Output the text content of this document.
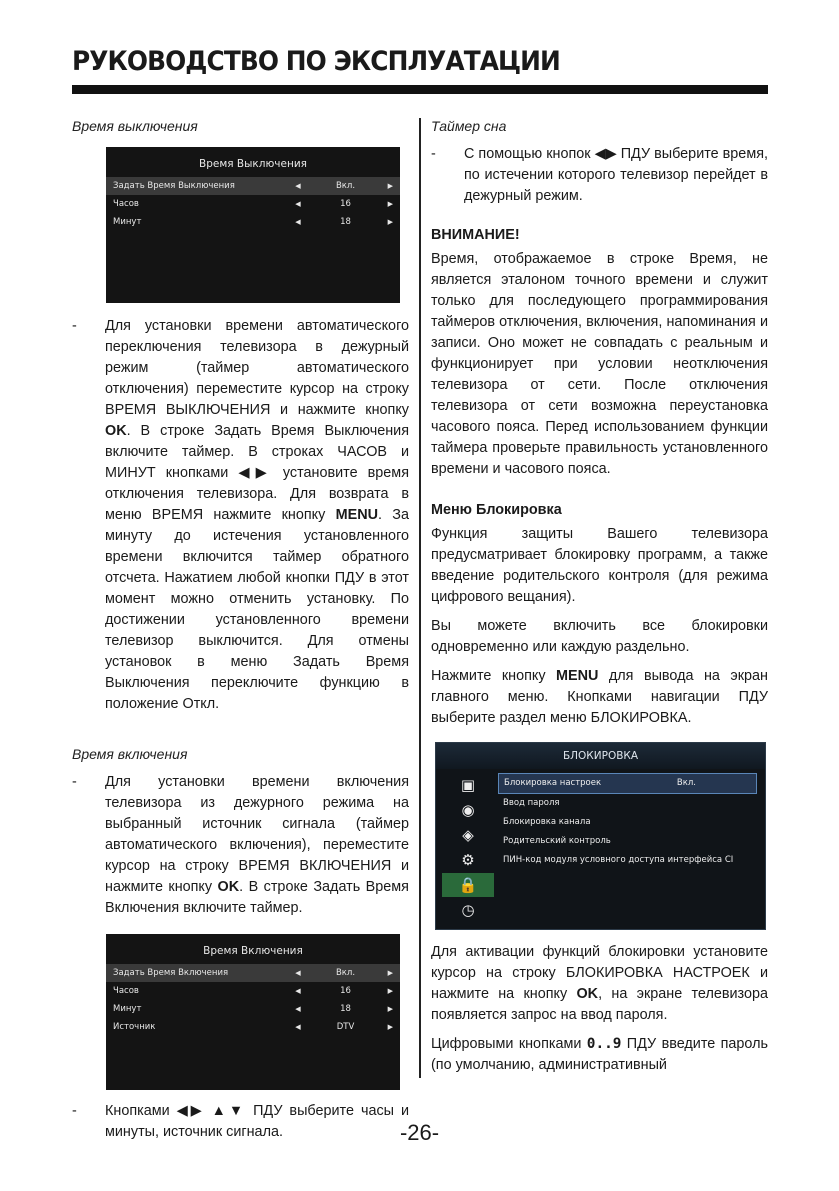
РУКОВОДСТВО ПО ЭКСПЛУАТАЦИИ
Время выключения
Время Выключения
Задать Время Выключения	◀	Вкл.	▶
Часов	◀	16	▶
Минут	◀	18	▶
-	Для установки времени автоматического переключения телевизора в дежурный режим (таймер автоматического отключения) переместите курсор на строку ВРЕМЯ ВЫКЛЮЧЕНИЯ и нажмите кнопку OK. В строке Задать Время Выключения включите таймер. В строках ЧАСОВ и МИНУТ кнопками ◀▶ установите время отключения телевизора. Для возврата в меню ВРЕМЯ нажмите кнопку MENU. За минуту до истечения установленного времени включится таймер обратного отсчета. Нажатием любой кнопки ПДУ в этот момент можно отменить установку. По достижении установленного времени телевизор выключится. Для отмены установок в меню Задать Время Выключения переключите функцию в положение Откл.
Время включения
-	Для установки времени включения телевизора из дежурного режима на выбранный источник сигнала (таймер автоматического включения), переместите курсор на строку ВРЕМЯ ВКЛЮЧЕНИЯ и нажмите кнопку OK. В строке Задать Время Включения включите таймер.
Время Включения
Задать Время Включения	◀	Вкл.	▶
Часов	◀	16	▶
Минут	◀	18	▶
Источник	◀	DTV	▶
-	Кнопками ◀▶ ▲▼ ПДУ выберите часы и минуты, источник сигнала.
Таймер сна
-	С помощью кнопок ◀▶ ПДУ выберите время, по истечении которого телевизор перейдет в дежурный режим.
ВНИМАНИЕ!
Время, отображаемое в строке Время, не является эталоном точного времени и служит только для последующего программирования таймеров отключения, включения, напоминания и записи. Оно может не совпадать с реальным и функционирует при условии неотключения телевизора от сети. После отключения телевизора от сети возможна переустановка часового пояса. Перед использованием функции таймера проверьте правильность установленного времени и часового пояса.
Меню Блокировка
Функция защиты Вашего телевизора предусматривает блокировку программ, а также введение родительского контроля (для режима цифрового вещания).
Вы можете включить все блокировки одновременно или каждую раздельно.
Нажмите кнопку MENU для вывода на экран главного меню. Кнопками навигации ПДУ выберите раздел меню БЛОКИРОВКА.
БЛОКИРОВКА
▣
◉
◈
⚙
🔒
◷
Блокировка настроек	Вкл.
Ввод пароля
Блокировка канала
Родительский контроль
ПИН-код модуля условного доступа интерфейса CI
Для активации функций блокировки установите курсор на строку БЛОКИРОВКА НАСТРОЕК и нажмите на кнопку OK, на экране телевизора появляется запрос на ввод пароля.
Цифровыми кнопками 0..9 ПДУ введите пароль (по умолчанию, административный
-26-
